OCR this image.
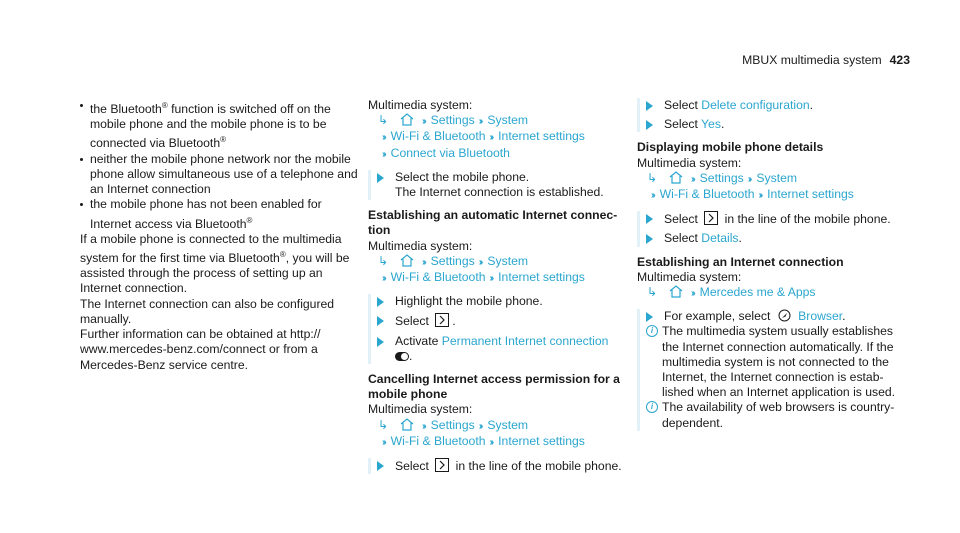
MBUX multimedia system 423

the Bluetooth® function is switched off on the mobile phone and the mobile phone is to be connected via Bluetooth®

neither the mobile phone network nor the mobile phone allow simultaneous use of a telephone and an Internet connection

the mobile phone has not been enabled for Internet access via Bluetooth®

If a mobile phone is connected to the multimedia system for the first time via Bluetooth®, you will be assisted through the process of setting up an Internet connection.

The Internet connection can also be configured manually.

Further information can be obtained at http:// www.mercedes-benz.com/connect or from a Mercedes-Benz service centre.

Multimedia system:

↳	›› Settings ›› System
›› Wi-Fi & Bluetooth ›› Internet settings
›› Connect via Bluetooth

Select the mobile phone.
The Internet connection is established.

Establishing an automatic Internet connec-tion

Multimedia system:

↳	›› Settings ›› System
›› Wi-Fi & Bluetooth ›› Internet settings

Highlight the mobile phone.

Select .

Activate Permanent Internet connection
.

Cancelling Internet access permission for a mobile phone

Multimedia system:

↳	›› Settings ›› System
›› Wi-Fi & Bluetooth ›› Internet settings

Select in the line of the mobile phone.

Select Delete configuration.

Select Yes.

Displaying mobile phone details

Multimedia system:

↳	›› Settings ›› System
›› Wi-Fi & Bluetooth ›› Internet settings

Select in the line of the mobile phone.

Select Details.

Establishing an Internet connection

Multimedia system:

↳	›› Mercedes me & Apps

For example, select Browser.

i The multimedia system usually establishes the Internet connection automatically. If the multimedia system is not connected to the Internet, the Internet connection is estab-lished when an Internet application is used.

i The availability of web browsers is country-dependent.
